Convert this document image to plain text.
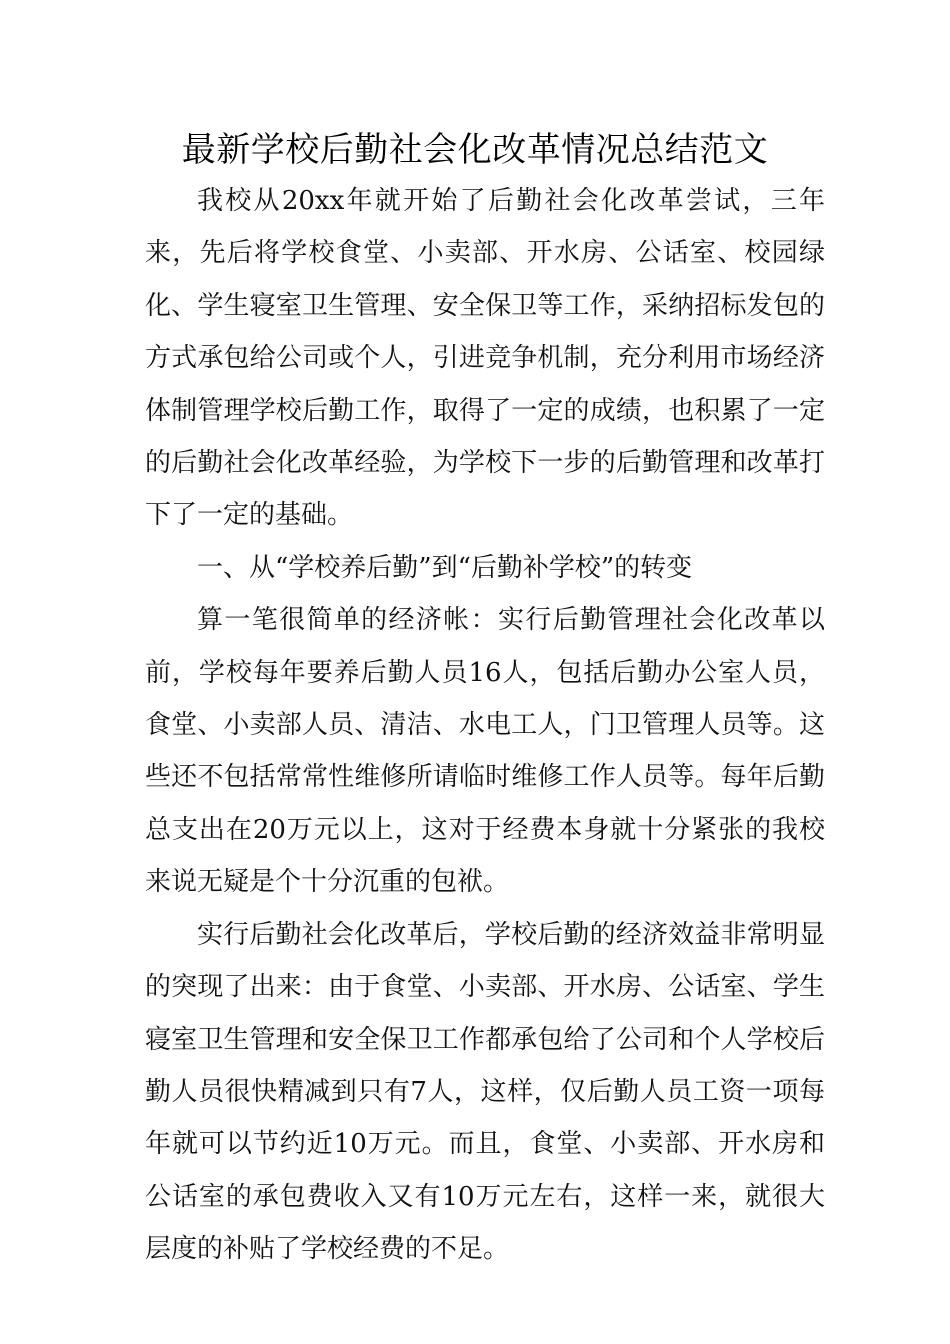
最新学校后勤社会化改革情况总结范文

我校从20xx年就开始了后勤社会化改革尝试，三年来，先后将学校食堂、小卖部、开水房、公话室、校园绿化、学生寝室卫生管理、安全保卫等工作，采纳招标发包的方式承包给公司或个人，引进竞争机制，充分利用市场经济体制管理学校后勤工作，取得了一定的成绩，也积累了一定的后勤社会化改革经验，为学校下一步的后勤管理和改革打下了一定的基础。

一、从“学校养后勤”到“后勤补学校”的转变

算一笔很简单的经济帐：实行后勤管理社会化改革以前，学校每年要养后勤人员16人，包括后勤办公室人员，食堂、小卖部人员、清洁、水电工人，门卫管理人员等。这些还不包括常常性维修所请临时维修工作人员等。每年后勤总支出在20万元以上，这对于经费本身就十分紧张的我校来说无疑是个十分沉重的包袱。

实行后勤社会化改革后，学校后勤的经济效益非常明显的突现了出来：由于食堂、小卖部、开水房、公话室、学生寝室卫生管理和安全保卫工作都承包给了公司和个人学校后勤人员很快精减到只有7人，这样，仅后勤人员工资一项每年就可以节约近10万元。而且，食堂、小卖部、开水房和公话室的承包费收入又有10万元左右，这样一来，就很大层度的补贴了学校经费的不足。
